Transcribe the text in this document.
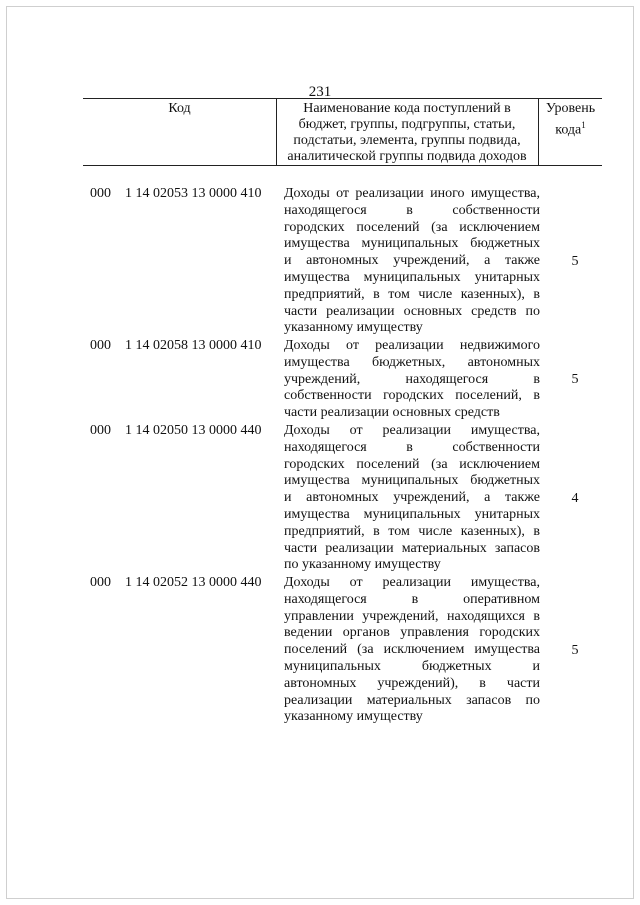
231
Код	Наименование кода поступлений в
бюджет, группы, подгруппы, статьи,
подстатьи, элемента, группы подвида,
аналитической группы подвида доходов
Уровень
кода$^1$
000 1 14 02053 13 0000 410 Доходы от реализации иного имущества,
находящегося в собственности
городских поселений (за исключением
имущества муниципальных бюджетных
и автономных учреждений, а также
имущества муниципальных унитарных
предприятий, в том числе казенных), в
части реализации основных средств по
указанному имуществу
5
000 1 14 02058 13 0000 410 Доходы от реализации недвижимого
имущества бюджетных, автономных
учреждений, находящегося в
собственности городских поселений, в
части реализации основных средств
5
000 1 14 02050 13 0000 440 Доходы от реализации имущества,
находящегося в собственности
городских поселений (за исключением
имущества муниципальных бюджетных
и автономных учреждений, а также
имущества муниципальных унитарных
предприятий, в том числе казенных), в
части реализации материальных запасов
по указанному имуществу
4
000 1 14 02052 13 0000 440 Доходы от реализации имущества,
находящегося в оперативном
управлении учреждений, находящихся в
ведении органов управления городских
поселений (за исключением имущества
муниципальных бюджетных и
автономных учреждений), в части
реализации материальных запасов по
указанному имуществу
5
